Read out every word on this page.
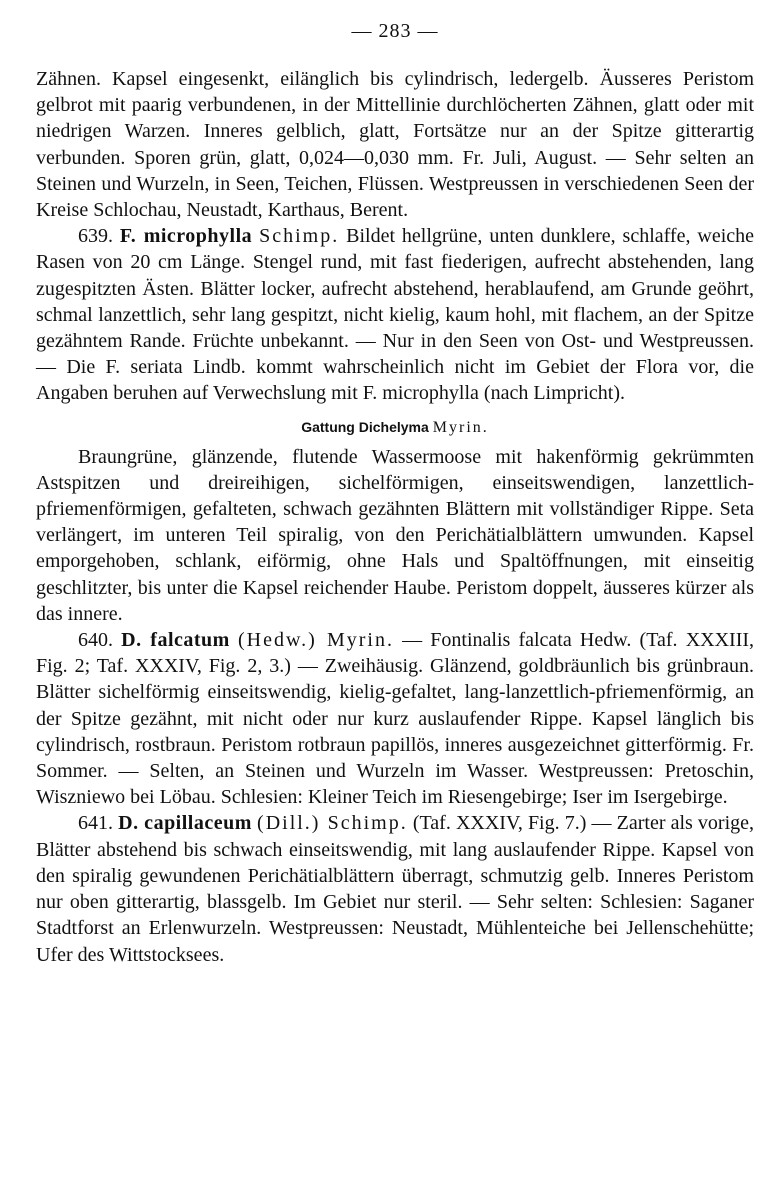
— 283 —

Zähnen. Kapsel eingesenkt, eilänglich bis cylindrisch, ledergelb. Äusseres Peristom gelbrot mit paarig verbundenen, in der Mittellinie durchlöcherten Zähnen, glatt oder mit niedrigen Warzen. Inneres gelblich, glatt, Fortsätze nur an der Spitze gitterartig verbunden. Sporen grün, glatt, 0,024—0,030 mm. Fr. Juli, August. — Sehr selten an Steinen und Wurzeln, in Seen, Teichen, Flüssen. Westpreussen in verschiedenen Seen der Kreise Schlochau, Neustadt, Karthaus, Berent.

639. F. microphylla Schimp. Bildet hellgrüne, unten dunklere, schlaffe, weiche Rasen von 20 cm Länge. Stengel rund, mit fast fiederigen, aufrecht abstehenden, lang zugespitzten Ästen. Blätter locker, aufrecht abstehend, herablaufend, am Grunde geöhrt, schmal lanzettlich, sehr lang gespitzt, nicht kielig, kaum hohl, mit flachem, an der Spitze gezähntem Rande. Früchte unbekannt. — Nur in den Seen von Ost- und Westpreussen. — Die F. seriata Lindb. kommt wahrscheinlich nicht im Gebiet der Flora vor, die Angaben beruhen auf Verwechslung mit F. microphylla (nach Limpricht).

Gattung Dichelyma Myrin.

Braungrüne, glänzende, flutende Wassermoose mit hakenförmig gekrümmten Astspitzen und dreireihigen, sichelförmigen, einseitswendigen, lanzettlich-pfriemenförmigen, gefalteten, schwach gezähnten Blättern mit vollständiger Rippe. Seta verlängert, im unteren Teil spiralig, von den Perichätialblättern umwunden. Kapsel emporgehoben, schlank, eiförmig, ohne Hals und Spaltöffnungen, mit einseitig geschlitzter, bis unter die Kapsel reichender Haube. Peristom doppelt, äusseres kürzer als das innere.

640. D. falcatum (Hedw.) Myrin. — Fontinalis falcata Hedw. (Taf. XXXIII, Fig. 2; Taf. XXXIV, Fig. 2, 3.) — Zweihäusig. Glänzend, goldbräunlich bis grünbraun. Blätter sichelförmig einseitswendig, kielig-gefaltet, lang-lanzettlich-pfriemenförmig, an der Spitze gezähnt, mit nicht oder nur kurz auslaufender Rippe. Kapsel länglich bis cylindrisch, rostbraun. Peristom rotbraun papillös, inneres ausgezeichnet gitterförmig. Fr. Sommer. — Selten, an Steinen und Wurzeln im Wasser. Westpreussen: Pretoschin, Wiszniewo bei Löbau. Schlesien: Kleiner Teich im Riesengebirge; Iser im Isergebirge.

641. D. capillaceum (Dill.) Schimp. (Taf. XXXIV, Fig. 7.) — Zarter als vorige, Blätter abstehend bis schwach einseitswendig, mit lang auslaufender Rippe. Kapsel von den spiralig gewundenen Perichätialblättern überragt, schmutzig gelb. Inneres Peristom nur oben gitterartig, blassgelb. Im Gebiet nur steril. — Sehr selten: Schlesien: Saganer Stadtforst an Erlenwurzeln. Westpreussen: Neustadt, Mühlenteiche bei Jellenschehütte; Ufer des Wittstocksees.
